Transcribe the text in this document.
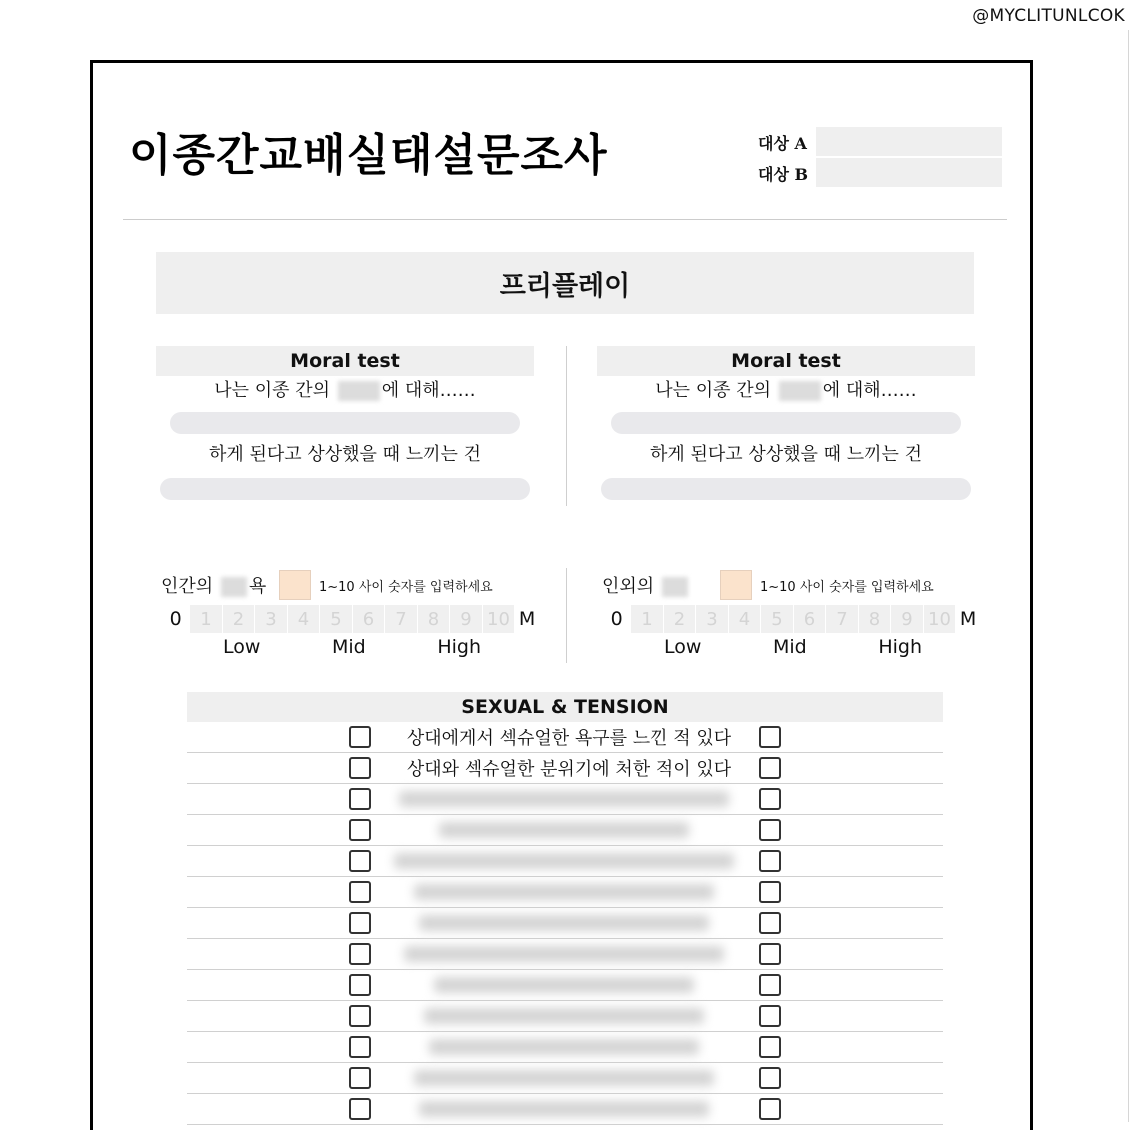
@MYCLITUNLCOK
이종간교배실태설문조사	대상 A
대상 B
프리플레이
Moral test
나는 이종 간의	에 대해……
하게 된다고 상상했을 때 느끼는 건
Moral test
나는 이종 간의	에 대해……
하게 된다고 상상했을 때 느끼는 건
인간의 욕	1~10 사이 숫자를 입력하세요
0	1	2	3	4	5	6	7	8	9 10 M
Low	Mid	High
인외의	1~10 사이 숫자를 입력하세요
0	1	2	3	4	5	6	7	8	9 10 M
Low	Mid	High
SEXUAL & TENSION
상대에게서 섹슈얼한 욕구를 느낀 적 있다
상대와 섹슈얼한 분위기에 처한 적이 있다
